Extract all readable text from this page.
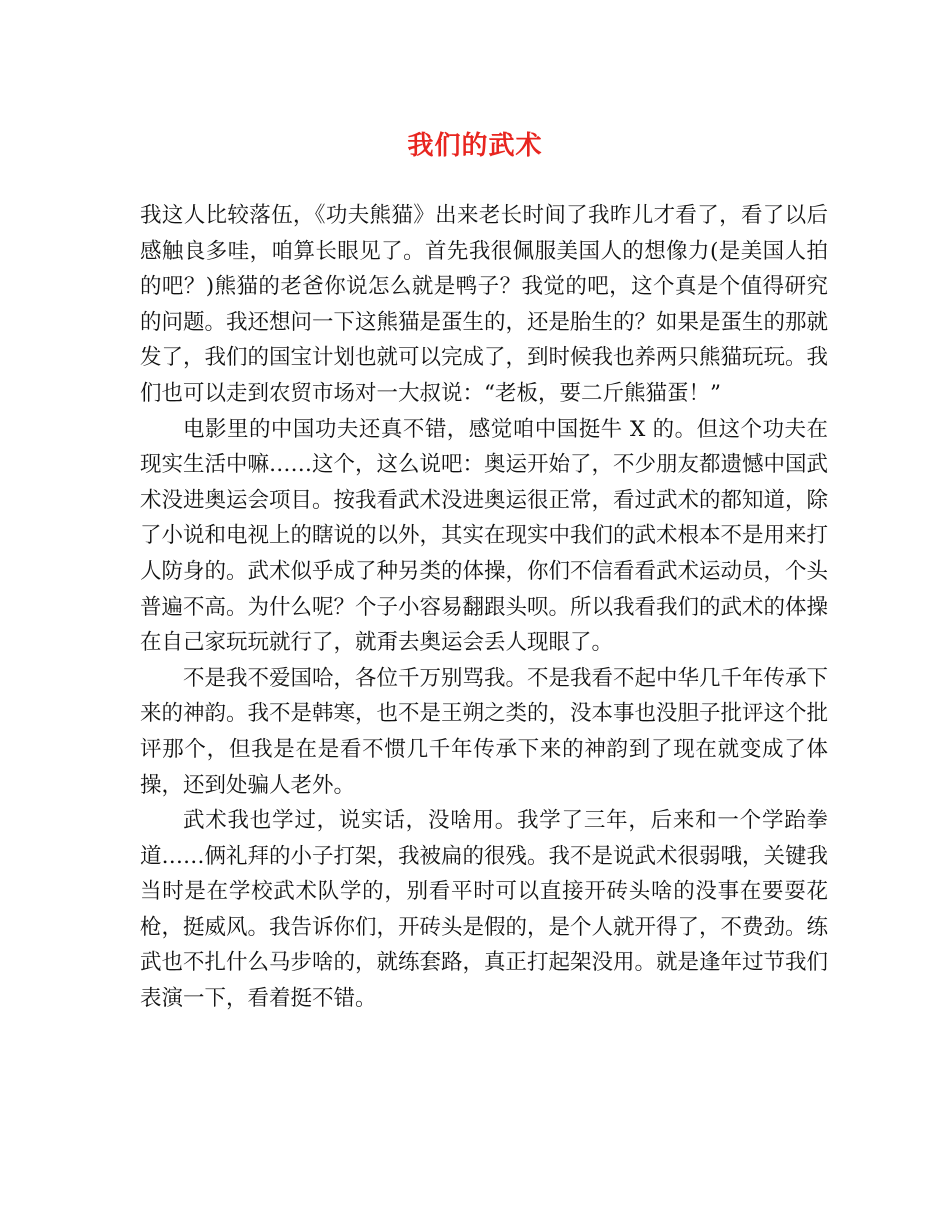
我们的武术

我这人比较落伍，《功夫熊猫》出来老长时间了我昨儿才看了，看了以后感触良多哇，咱算长眼见了。首先我很佩服美国人的想像力(是美国人拍的吧？)熊猫的老爸你说怎么就是鸭子？我觉的吧，这个真是个值得研究的问题。我还想问一下这熊猫是蛋生的，还是胎生的？如果是蛋生的那就发了，我们的国宝计划也就可以完成了，到时候我也养两只熊猫玩玩。我们也可以走到农贸市场对一大叔说：“老板，要二斤熊猫蛋！”

电影里的中国功夫还真不错，感觉咱中国挺牛 X 的。但这个功夫在现实生活中嘛……这个，这么说吧：奥运开始了，不少朋友都遗憾中国武术没进奥运会项目。按我看武术没进奥运很正常，看过武术的都知道，除了小说和电视上的瞎说的以外，其实在现实中我们的武术根本不是用来打人防身的。武术似乎成了种另类的体操，你们不信看看武术运动员，个头普遍不高。为什么呢？个子小容易翻跟头呗。所以我看我们的武术的体操在自己家玩玩就行了，就甭去奥运会丢人现眼了。

不是我不爱国哈，各位千万别骂我。不是我看不起中华几千年传承下来的神韵。我不是韩寒，也不是王朔之类的，没本事也没胆子批评这个批评那个，但我是在是看不惯几千年传承下来的神韵到了现在就变成了体操，还到处骗人老外。

武术我也学过，说实话，没啥用。我学了三年，后来和一个学跆拳道……俩礼拜的小子打架，我被扁的很残。我不是说武术很弱哦，关键我当时是在学校武术队学的，别看平时可以直接开砖头啥的没事在要耍花枪，挺威风。我告诉你们，开砖头是假的，是个人就开得了，不费劲。练武也不扎什么马步啥的，就练套路，真正打起架没用。就是逢年过节我们表演一下，看着挺不错。
